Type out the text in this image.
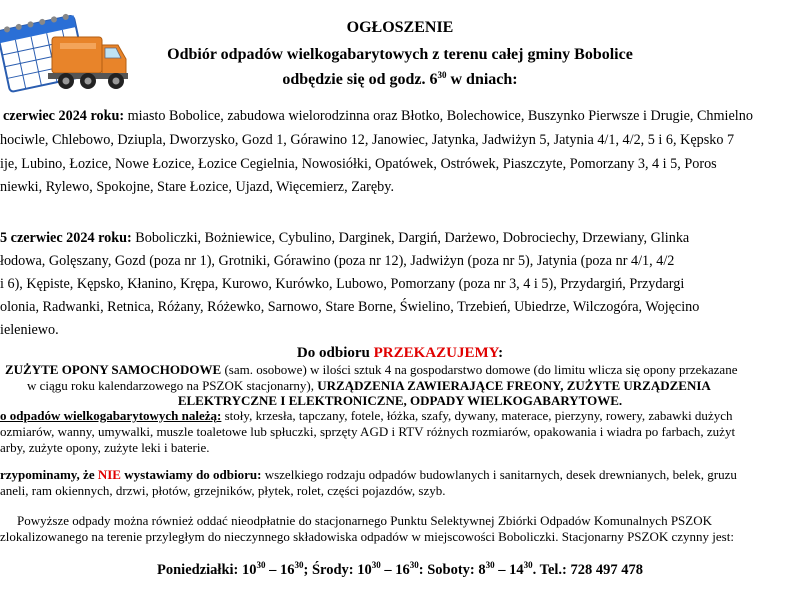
OGŁOSZENIE
Odbiór odpadów wielkogabarytowych z terenu całej gminy Bobolice
odbędzie się od godz. $6^{30}$ w dniach:
czerwiec 2024 roku: miasto Bobolice, zabudowa wielorodzinna oraz Błotko, Bolechowice, Buszynko Pierwsze i Drugie, Chmielno
hociwle, Chlebowo, Dziupla, Dworzysko, Gozd 1, Górawino 12, Janowiec, Jatynka, Jadwiżyn 5, Jatynia 4/1, 4/2, 5 i 6, Kępsko 7
ije, Lubino, Łozice, Nowe Łozice, Łozice Cegielnia, Nowosiółki, Opatówek, Ostrówek, Piaszczyte, Pomorzany 3, 4 i 5, Poros
niewki, Rylewo, Spokojne, Stare Łozice, Ujazd, Więcemierz, Zaręby.
5 czerwiec 2024 roku: Boboliczki, Bożniewice, Cybulino, Darginek, Dargiń, Darżewo, Dobrociechy, Drzewiany, Glinka
łodowa, Golęszany, Gozd (poza nr 1), Grotniki, Górawino (poza nr 12), Jadwiżyn (poza nr 5), Jatynia (poza nr 4/1, 4/2
i 6), Kępiste, Kępsko, Kłanino, Krępa, Kurowo, Kurówko, Lubowo, Pomorzany (poza nr 3, 4 i 5), Przydargiń, Przydargi
olonia, Radwanki, Retnica, Różany, Różewko, Sarnowo, Stare Borne, Świelino, Trzebień, Ubiedrze, Wilczogóra, Wojęcino
ieleniewo.
Do odbioru PRZEKAZUJEMY:
ZUŻYTE OPONY SAMOCHODOWE (sam. osobowe) w ilości sztuk 4 na gospodarstwo domowe (do limitu wlicza się opony przekazane
w ciągu roku kalendarzowego na PSZOK stacjonarny), URZĄDZENIA ZAWIERAJĄCE FREONY, ZUŻYTE URZĄDZENIA
ELEKTRYCZNE I ELEKTRONICZNE, ODPADY WIELKOGABARYTOWE.
o odpadów wielkogabarytowych należą: stoły, krzesła, tapczany, fotele, łóżka, szafy, dywany, materace, pierzyny, rowery, zabawki dużych
ozmiarów, wanny, umywalki, muszle toaletowe lub spłuczki, sprzęty AGD i RTV różnych rozmiarów, opakowania i wiadra po farbach, zużyt
arby, zużyte opony, zużyte leki i baterie.
rzypominamy, że NIE wystawiamy do odbioru: wszelkiego rodzaju odpadów budowlanych i sanitarnych, desek drewnianych, belek, gruzu
aneli, ram okiennych, drzwi, płotów, grzejników, płytek, rolet, części pojazdów, szyb.
Powyższe odpady można również oddać nieodpłatnie do stacjonarnego Punktu Selektywnej Zbiórki Odpadów Komunalnych PSZOK
zlokalizowanego na terenie przyległym do nieczynnego składowiska odpadów w miejscowości Boboliczki. Stacjonarny PSZOK czynny jest:
Poniedziałki: $10^{30} - 16^{30}$; Środy: $10^{30} - 16^{30}$: Soboty: $8^{30} - 14^{30}$. Tel.: 728 497 478
